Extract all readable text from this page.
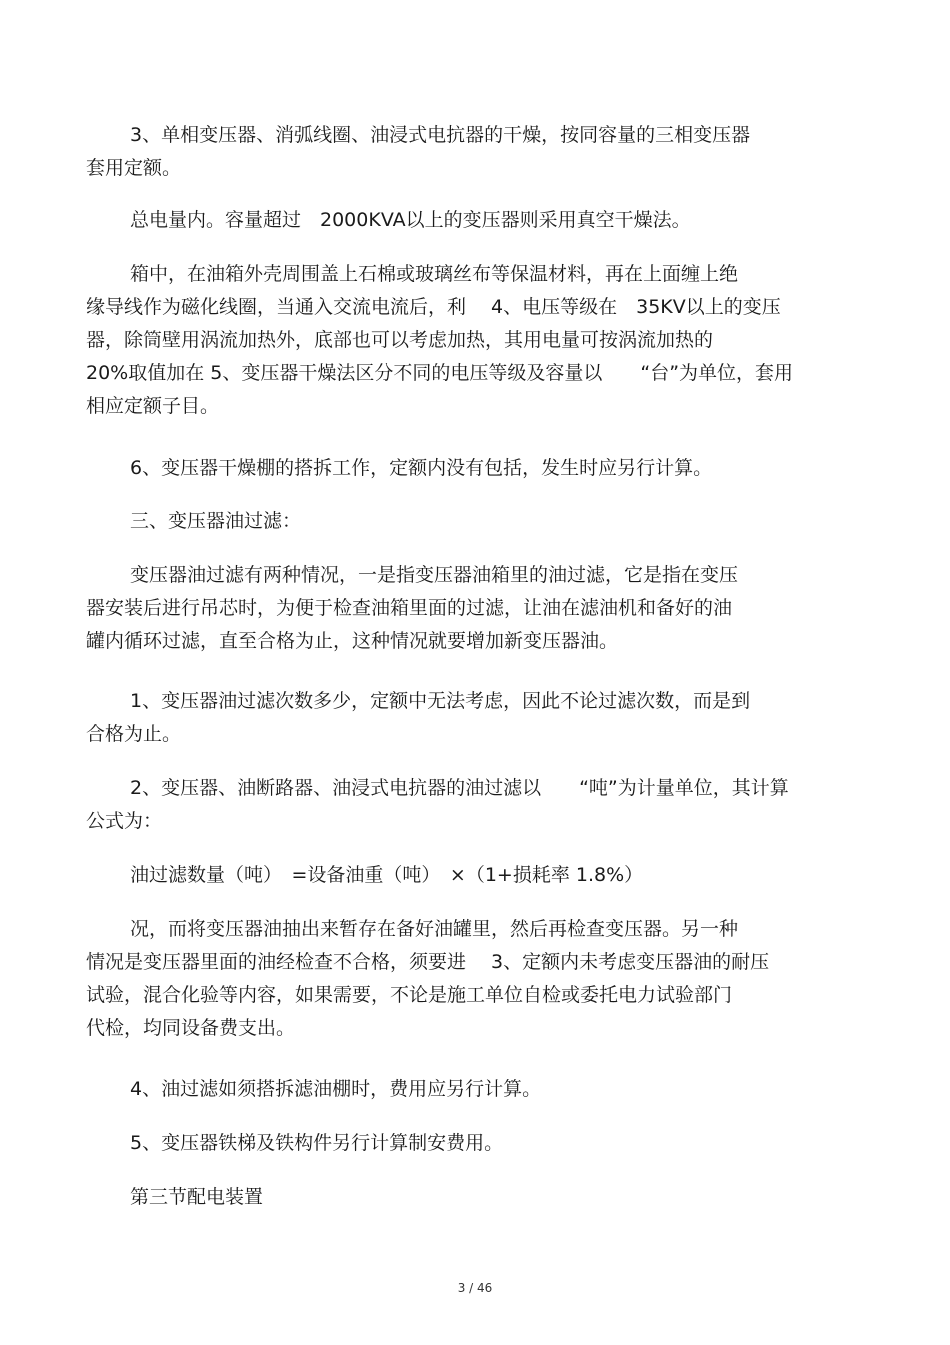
3、单相变压器、消弧线圈、油浸式电抗器的干燥，按同容量的三相变压器
套用定额。
总电量内。容量超过　2000KVA以上的变压器则采用真空干燥法。
箱中，在油箱外壳周围盖上石棉或玻璃丝布等保温材料，再在上面缠上绝
缘导线作为磁化线圈，当通入交流电流后，利　 4、电压等级在　35KV以上的变压
器，除筒壁用涡流加热外，底部也可以考虑加热，其用电量可按涡流加热的
20%取值加在 5、变压器干燥法区分不同的电压等级及容量以　　“台”为单位，套用
相应定额子目。
6、变压器干燥棚的搭拆工作，定额内没有包括，发生时应另行计算。
三、变压器油过滤：
变压器油过滤有两种情况，一是指变压器油箱里的油过滤，它是指在变压
器安装后进行吊芯时，为便于检查油箱里面的过滤，让油在滤油机和备好的油
罐内循环过滤，直至合格为止，这种情况就要增加新变压器油。
1、变压器油过滤次数多少，定额中无法考虑，因此不论过滤次数，而是到
合格为止。
2、变压器、油断路器、油浸式电抗器的油过滤以　　“吨”为计量单位，其计算
公式为：
油过滤数量（吨）　=设备油重（吨）　×（1+损耗率 1.8%）
况，而将变压器油抽出来暂存在备好油罐里，然后再检查变压器。另一种
情况是变压器里面的油经检查不合格，须要进　 3、定额内未考虑变压器油的耐压
试验，混合化验等内容，如果需要，不论是施工单位自检或委托电力试验部门
代检，均同设备费支出。
4、油过滤如须搭拆滤油棚时，费用应另行计算。
5、变压器铁梯及铁构件另行计算制安费用。
第三节配电装置
3 / 46
